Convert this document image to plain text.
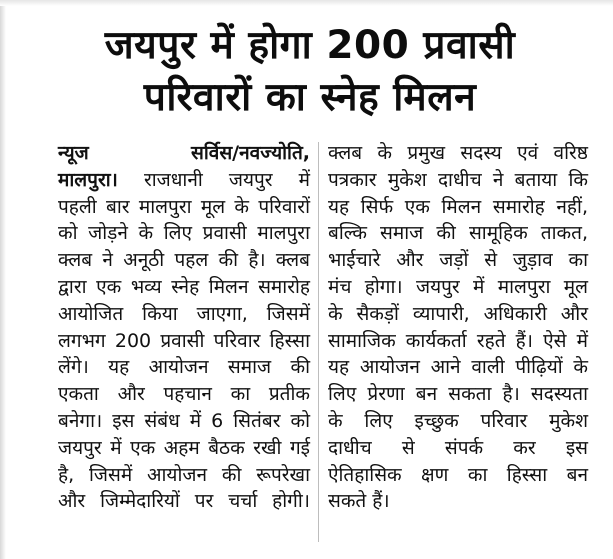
जयपुर में होगा 200 प्रवासी
परिवारों का स्नेह मिलन
न्यूज सर्विस/नवज्योति,
मालपुरा। राजधानी जयपुर में
पहली बार मालपुरा मूल के परिवारों
को जोड़ने के लिए प्रवासी मालपुरा
क्लब ने अनूठी पहल की है। क्लब
द्वारा एक भव्य स्नेह मिलन समारोह
आयोजित किया जाएगा, जिसमें
लगभग 200 प्रवासी परिवार हिस्सा
लेंगे। यह आयोजन समाज की
एकता और पहचान का प्रतीक
बनेगा। इस संबंध में 6 सितंबर को
जयपुर में एक अहम बैठक रखी गई
है, जिसमें आयोजन की रूपरेखा
और जिम्मेदारियों पर चर्चा होगी।
क्लब के प्रमुख सदस्य एवं वरिष्ठ
पत्रकार मुकेश दाधीच ने बताया कि
यह सिर्फ एक मिलन समारोह नहीं,
बल्कि समाज की सामूहिक ताकत,
भाईचारे और जड़ों से जुड़ाव का
मंच होगा। जयपुर में मालपुरा मूल
के सैकड़ों व्यापारी, अधिकारी और
सामाजिक कार्यकर्ता रहते हैं। ऐसे में
यह आयोजन आने वाली पीढ़ियों के
लिए प्रेरणा बन सकता है। सदस्यता
के लिए इच्छुक परिवार मुकेश
दाधीच से संपर्क कर इस
ऐतिहासिक क्षण का हिस्सा बन
सकते हैं।
